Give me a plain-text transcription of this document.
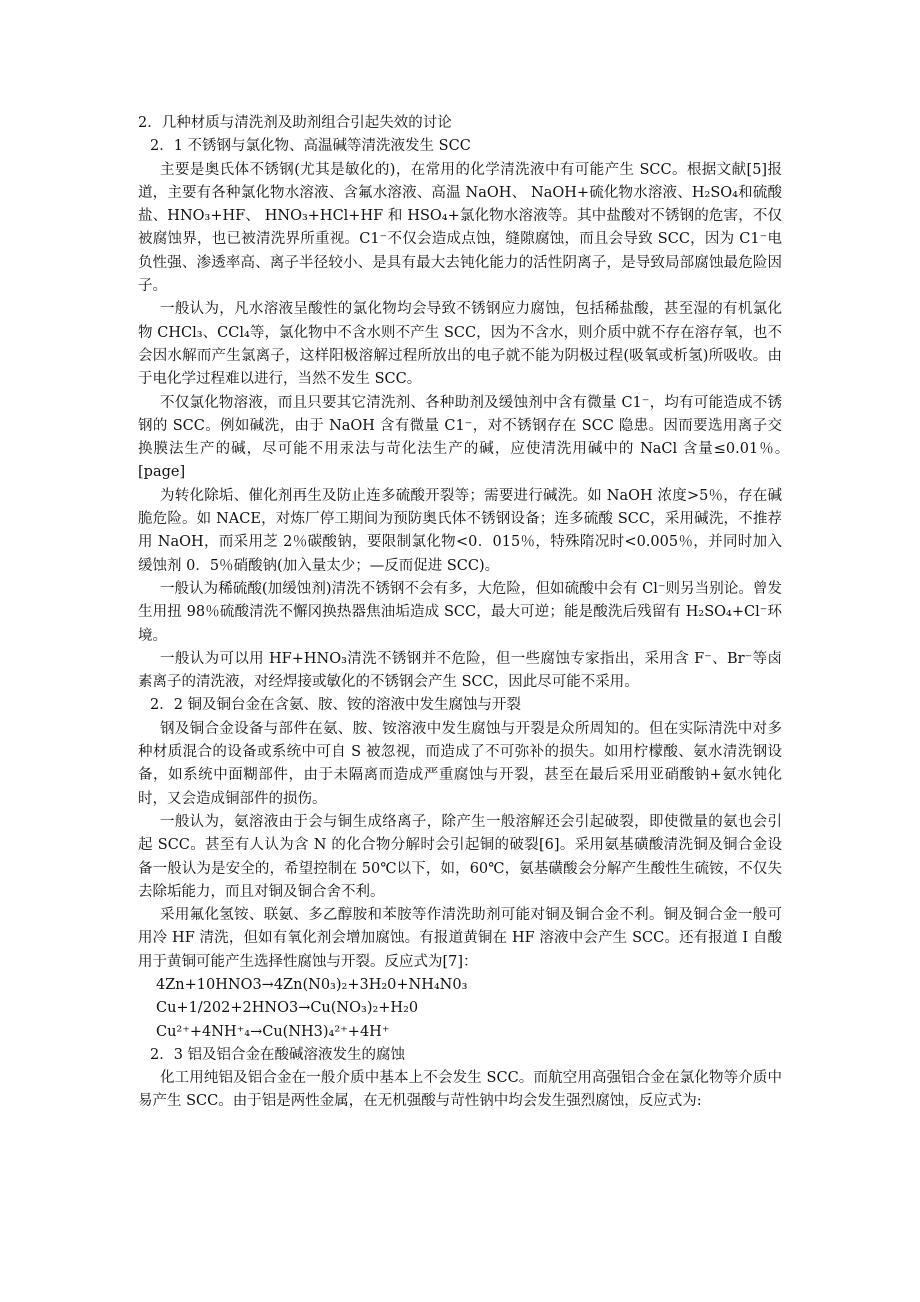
2．几种材质与清洗剂及助剂组合引起失效的讨论

2．1 不锈钢与氯化物、高温碱等清洗液发生 SCC

主要是奥氏体不锈钢(尤其是敏化的)，在常用的化学清洗液中有可能产生 SCC。根据文献[5]报道，主要有各种氯化物水溶液、含氟水溶液、高温 NaOH、 NaOH+硫化物水溶液、H₂SO₄和硫酸盐、HNO₃+HF、 HNO₃+HCl+HF 和 HSO₄+氯化物水溶液等。其中盐酸对不锈钢的危害，不仅被腐蚀界，也已被清洗界所重视。C1⁻不仅会造成点蚀，缝隙腐蚀，而且会导致 SCC，因为 C1⁻电负性强、渗透率高、离子半径较小、是具有最大去钝化能力的活性阴离子，是导致局部腐蚀最危险因子。

一般认为，凡水溶液呈酸性的氯化物均会导致不锈钢应力腐蚀，包括稀盐酸，甚至湿的有机氯化物 CHCl₃、CCl₄等，氯化物中不含水则不产生 SCC，因为不含水，则介质中就不存在溶存氧，也不会因水解而产生氯离子，这样阳极溶解过程所放出的电子就不能为阴极过程(吸氧或析氢)所吸收。由于电化学过程难以进行，当然不发生 SCC。

不仅氯化物溶液，而且只要其它清洗剂、各种助剂及缓蚀剂中含有微量 C1⁻，均有可能造成不锈钢的 SCC。例如碱洗，由于 NaOH 含有微量 C1⁻，对不锈钢存在 SCC 隐患。因而要选用离子交换膜法生产的碱，尽可能不用汞法与苛化法生产的碱，应使清洗用碱中的 NaCl 含量≤0.01％。　[page]

为转化除垢、催化剂再生及防止连多硫酸开裂等；需要进行碱洗。如 NaOH 浓度>5％，存在碱脆危险。如 NACE，对炼厂停工期间为预防奥氏体不锈钢设备；连多硫酸 SCC，采用碱洗，不推荐用 NaOH，而采用芝 2％碳酸钠，要限制氯化物<0．015％，特殊隋况时<0.005％，并同时加入缓蚀剂 0．5％硝酸钠(加入量太少；—反而促进 SCC)。

一般认为稀硫酸(加缓蚀剂)清洗不锈钢不会有多，大危险，但如硫酸中会有 Cl⁻则另当别论。曾发生用扭 98％硫酸清洗不懈冈换热器焦油垢造成 SCC，最大可逆；能是酸洗后残留有 H₂SO₄+Cl⁻环境。

一般认为可以用 HF+HNO₃清洗不锈钢并不危险，但一些腐蚀专家指出，采用含 F⁻、Br⁻等卤素离子的清洗液，对经焊接或敏化的不锈钢会产生 SCC，因此尽可能不采用。

2．2 铜及铜台金在含氨、胺、铵的溶液中发生腐蚀与开裂

钢及铜合金设备与部件在氨、胺、铵溶液中发生腐蚀与开裂是众所周知的。但在实际清洗中对多种材质混合的设备或系统中可自 S 被忽视，而造成了不可弥补的损失。如用柠檬酸、氨水清洗钢设备，如系统中面糊部件，由于未隔离而造成严重腐蚀与开裂，甚至在最后采用亚硝酸钠+氨水钝化时，又会造成铜部件的损伤。

一般认为，氨溶液由于会与铜生成络离子，除产生一般溶解还会引起破裂，即使微量的氨也会引起 SCC。甚至有人认为含 N 的化合物分解时会引起铜的破裂[6]。采用氨基磺酸清洗铜及铜合金设备一般认为是安全的，希望控制在 50℃以下，如，60℃，氨基磺酸会分解产生酸性生硫铵，不仅失去除垢能力，而且对铜及铜合舍不利。

采用氟化氢铵、联氨、多乙醇胺和苯胺等作清洗助剂可能对铜及铜合金不利。铜及铜合金一般可用冷 HF 清洗，但如有氧化剂会增加腐蚀。有报道黄铜在 HF 溶液中会产生 SCC。还有报道 I 自酸用于黄铜可能产生选择性腐蚀与开裂。反应式为[7]：

4Zn+10HNO3→4Zn(N0₃)₂+3H₂0+NH₄N0₃

Cu+1/202+2HNO3→Cu(NO₃)₂+H₂0

Cu²⁺+4NH⁺₄→Cu(NH3)₄²⁺+4H⁺

2．3 铝及铝合金在酸碱溶液发生的腐蚀

化工用纯铝及铝合金在一般介质中基本上不会发生 SCC。而航空用高强铝合金在氯化物等介质中易产生 SCC。由于铝是两性金属，在无机强酸与苛性钠中均会发生强烈腐蚀，反应式为:
